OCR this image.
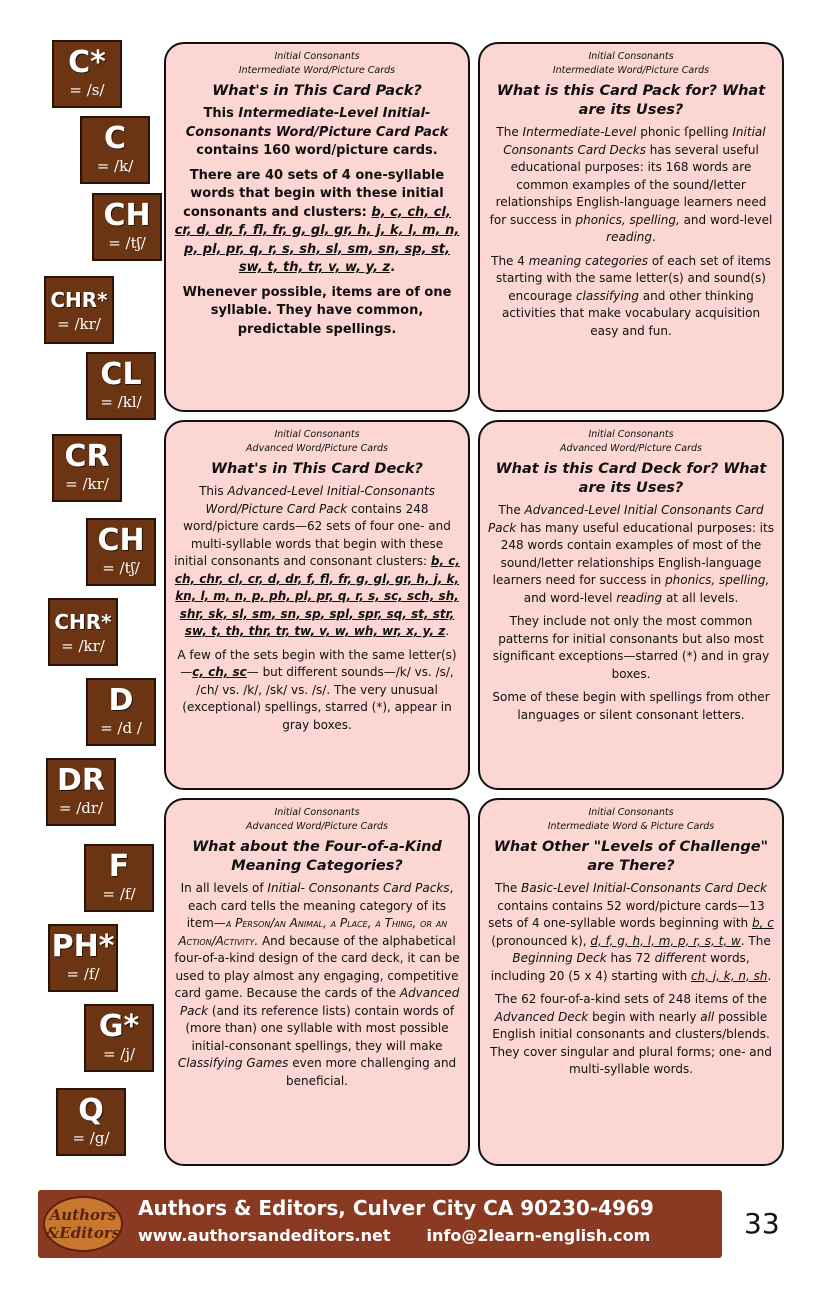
C*
= /s/
C
= /k/
CH
= /tʃ/
CHR*
= /kr/
CL
= /kl/
CR
= /kr/
CH
= /tʃ/
CHR*
= /kr/
D
= /d /
DR
= /dr/
F
= /f/
PH*
= /f/
G*
= /j/
Q
= /g/
Initial Consonants
Intermediate Word/Picture Cards
What's in This Card Pack?

This Intermediate-Level Initial-Consonants Word/Picture Card Pack contains 160 word/picture cards.

There are 40 sets of 4 one-syllable words that begin with these initial consonants and clusters: b, c, ch, cl, cr, d, dr, f, fl, fr, g, gl, gr, h, j, k, l, m, n, p, pl, pr, q, r, s, sh, sl, sm, sn, sp, st, sw, t, th, tr, v, w, y, z.

Whenever possible, items are of one syllable. They have common, predictable spellings.

Initial Consonants
Intermediate Word/Picture Cards
What is this Card Pack for? What are its Uses?

The Intermediate-Level phonic ſpelling Initial Consonants Card Decks has several useful educational purposes: its 168 words are common examples of the sound/letter relationships English-language learners need for success in phonics, spelling, and word-level reading.

The 4 meaning categories of each set of items starting with the same letter(s) and sound(s) encourage classifying and other thinking activities that make vocabulary acquisition easy and fun.

Initial Consonants
Advanced Word/Picture Cards
What's in This Card Deck?

This Advanced-Level Initial-Consonants Word/Picture Card Pack contains 248 word/picture cards—62 sets of four one- and multi-syllable words that begin with these initial consonants and consonant clusters: b, c, ch, chr, cl, cr, d, dr, f, fl, fr, g, gl, gr, h, j, k, kn, l, m, n, p, ph, pl, pr, q, r, s, sc, sch, sh, shr, sk, sl, sm, sn, sp, spl, spr, sq, st, str, sw, t, th, thr, tr, tw, v, w, wh, wr, x, y, z.

A few of the sets begin with the same letter(s)—c, ch, sc— but different sounds—/k/ vs. /s/, /ch/ vs. /k/, /sk/ vs. /s/. The very unusual (exceptional) spellings, starred (*), appear in gray boxes.

Initial Consonants
Advanced Word/Picture Cards
What is this Card Deck for? What are its Uses?

The Advanced-Level Initial Consonants Card Pack has many useful educational purposes: its 248 words contain examples of most of the sound/letter relationships English-language learners need for success in phonics, spelling, and word-level reading at all levels.

They include not only the most common patterns for initial consonants but also most significant exceptions—starred (*) and in gray boxes.

Some of these begin with spellings from other languages or silent consonant letters.

Initial Consonants
Advanced Word/Picture Cards
What about the Four-of-a-Kind Meaning Categories?

In all levels of Initial- Consonants Card Packs, each card tells the meaning category of its item—a Person/an Animal, a Place, a Thing, or an Action/Activity. And because of the alphabetical four-of-a-kind design of the card deck, it can be used to play almost any engaging, competitive card game. Because the cards of the Advanced Pack (and its reference lists) contain words of (more than) one syllable with most possible initial-consonant spellings, they will make Classifying Games even more challenging and beneficial.

Initial Consonants
Intermediate Word & Picture Cards
What Other "Levels of Challenge" are There?

The Basic-Level Initial-Consonants Card Deck contains contains 52 word/picture cards—13 sets of 4 one-syllable words beginning with b, c (pronounced k), d, f, g, h, l, m, p, r, s, t, w. The Beginning Deck has 72 different words, including 20 (5 x 4) starting with ch, j, k, n, sh.

The 62 four-of-a-kind sets of 248 items of the Advanced Deck begin with nearly all possible English initial consonants and clusters/blends. They cover singular and plural forms; one- and multi-syllable words.

Authors
&Editors
Authors & Editors, Culver City CA 90230-4969
www.authorsandeditors.net info@2learn-english.com	33
